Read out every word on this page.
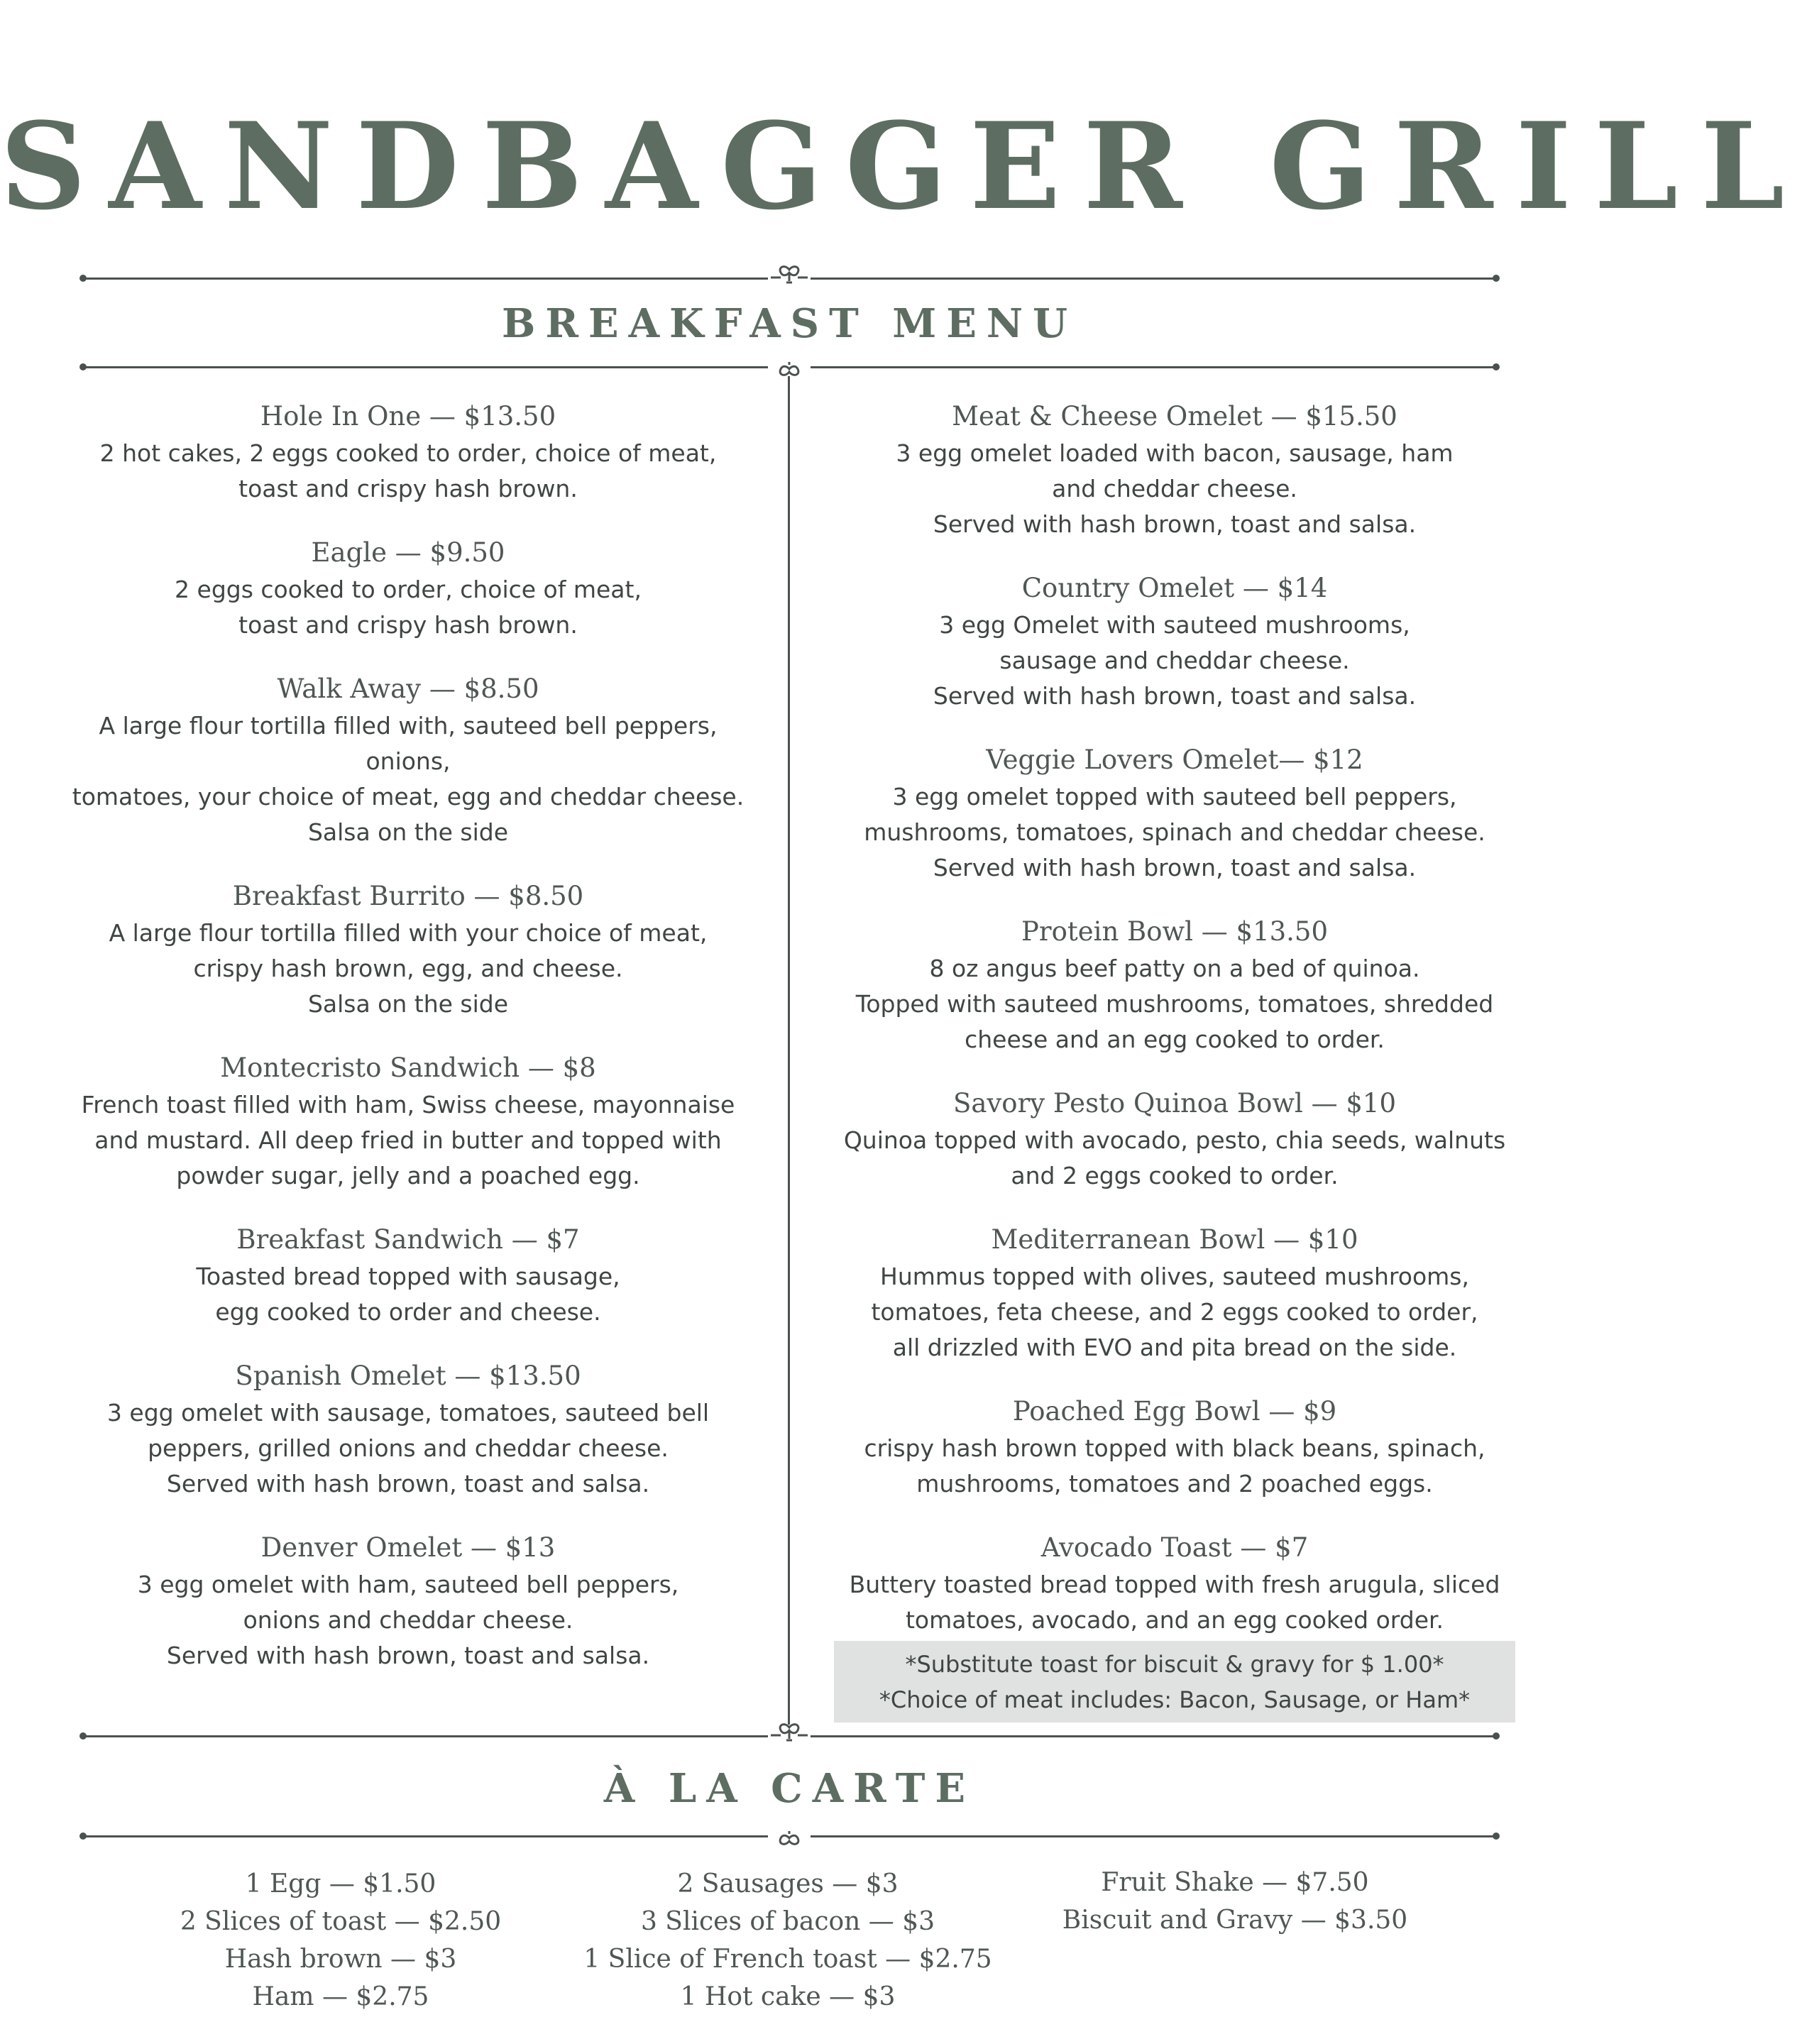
SANDBAGGER GRILL
BREAKFAST MENU
Hole In One — $13.50
2 hot cakes, 2 eggs cooked to order, choice of meat,
toast and crispy hash brown.
Eagle — $9.50
2 eggs cooked to order, choice of meat,
toast and crispy hash brown.
Walk Away — $8.50
A large flour tortilla filled with, sauteed bell peppers, onions,
tomatoes, your choice of meat, egg and cheddar cheese.
Salsa on the side
Breakfast Burrito — $8.50
A large flour tortilla filled with your choice of meat,
crispy hash brown, egg, and cheese.
Salsa on the side
Montecristo Sandwich — $8
French toast filled with ham, Swiss cheese, mayonnaise
and mustard. All deep fried in butter and topped with
powder sugar, jelly and a poached egg.
Breakfast Sandwich — $7
Toasted bread topped with sausage,
egg cooked to order and cheese.
Spanish Omelet — $13.50
3 egg omelet with sausage, tomatoes, sauteed bell
peppers, grilled onions and cheddar cheese.
Served with hash brown, toast and salsa.
Denver Omelet — $13
3 egg omelet with ham, sauteed bell peppers,
onions and cheddar cheese.
Served with hash brown, toast and salsa.
Meat & Cheese Omelet — $15.50
3 egg omelet loaded with bacon, sausage, ham
and cheddar cheese.
Served with hash brown, toast and salsa.
Country Omelet — $14
3 egg Omelet with sauteed mushrooms,
sausage and cheddar cheese.
Served with hash brown, toast and salsa.
Veggie Lovers Omelet— $12
3 egg omelet topped with sauteed bell peppers,
mushrooms, tomatoes, spinach and cheddar cheese.
Served with hash brown, toast and salsa.
Protein Bowl — $13.50
8 oz angus beef patty on a bed of quinoa.
Topped with sauteed mushrooms, tomatoes, shredded
cheese and an egg cooked to order.
Savory Pesto Quinoa Bowl — $10
Quinoa topped with avocado, pesto, chia seeds, walnuts
and 2 eggs cooked to order.
Mediterranean Bowl — $10
Hummus topped with olives, sauteed mushrooms,
tomatoes, feta cheese, and 2 eggs cooked to order,
all drizzled with EVO and pita bread on the side.
Poached Egg Bowl — $9
crispy hash brown topped with black beans, spinach,
mushrooms, tomatoes and 2 poached eggs.
Avocado Toast — $7
Buttery toasted bread topped with fresh arugula, sliced
tomatoes, avocado, and an egg cooked order.
*Substitute toast for biscuit & gravy for $ 1.00*
*Choice of meat includes: Bacon, Sausage, or Ham*
À LA CARTE
1 Egg — $1.50
2 Slices of toast — $2.50
Hash brown — $3
Ham — $2.75
2 Sausages — $3
3 Slices of bacon — $3
1 Slice of French toast — $2.75
1 Hot cake — $3
Fruit Shake — $7.50
Biscuit and Gravy — $3.50
